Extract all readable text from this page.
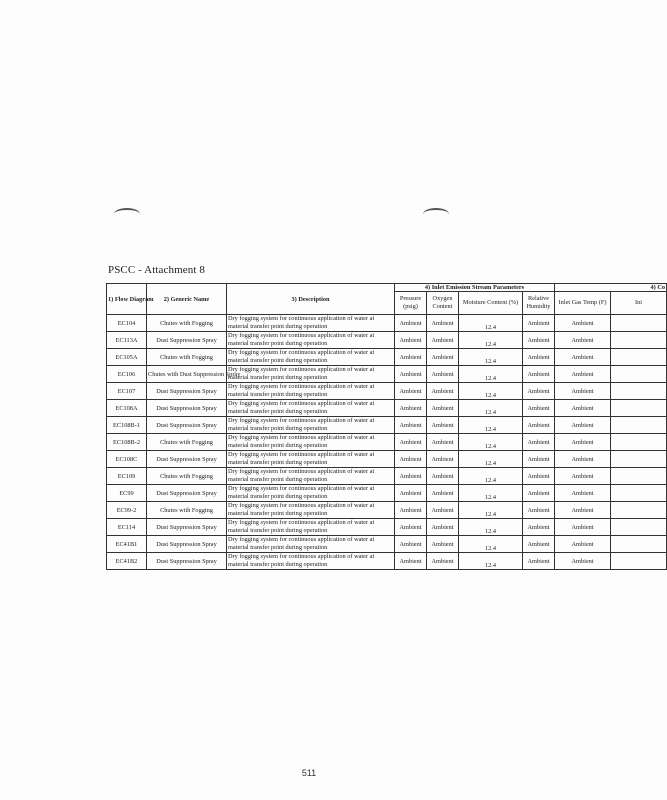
PSCC - Attachment 8
1) Flow Diagram	2) Generic Name	3) Description	4) Inlet Emission Stream Parameters				4) Co	
			Pressure (psig)	Oxygen Content	Moisture Content (%)	Relative Humidity	Inlet Gas Temp (F)	Ini
EC104	Chutes with Fogging	Dry fogging system for continuous application of water at material transfer point during operation	Ambient	Ambient	12.4	Ambient	Ambient	
EC113A	Dust Suppression Spray	Dry fogging system for continuous application of water at material transfer point during operation	Ambient	Ambient	12.4	Ambient	Ambient	
EC105A	Chutes with Fogging	Dry fogging system for continuous application of water at material transfer point during operation	Ambient	Ambient	12.4	Ambient	Ambient	
EC106	Chutes with Dust Suppression Spray	Dry fogging system for continuous application of water at material transfer point during operation	Ambient	Ambient	12.4	Ambient	Ambient	
EC107	Dust Suppression Spray	Dry fogging system for continuous application of water at material transfer point during operation	Ambient	Ambient	12.4	Ambient	Ambient	
EC108A	Dust Suppression Spray	Dry fogging system for continuous application of water at material transfer point during operation	Ambient	Ambient	12.4	Ambient	Ambient	
EC108B-1	Dust Suppression Spray	Dry fogging system for continuous application of water at material transfer point during operation	Ambient	Ambient	12.4	Ambient	Ambient	
EC108B-2	Chutes with Fogging	Dry fogging system for continuous application of water at material transfer point during operation	Ambient	Ambient	12.4	Ambient	Ambient	
EC108C	Dust Suppression Spray	Dry fogging system for continuous application of water at material transfer point during operation	Ambient	Ambient	12.4	Ambient	Ambient	
EC109	Chutes with Fogging	Dry fogging system for continuous application of water at material transfer point during operation	Ambient	Ambient	12.4	Ambient	Ambient	
EC99	Dust Suppression Spray	Dry fogging system for continuous application of water at material transfer point during operation	Ambient	Ambient	12.4	Ambient	Ambient	
EC99-2	Chutes with Fogging	Dry fogging system for continuous application of water at material transfer point during operation	Ambient	Ambient	12.4	Ambient	Ambient	
EC114	Dust Suppression Spray	Dry fogging system for continuous application of water at material transfer point during operation	Ambient	Ambient	12.4	Ambient	Ambient	
EC41B1	Dust Suppression Spray	Dry fogging system for continuous application of water at material transfer point during operation	Ambient	Ambient	12.4	Ambient	Ambient	
EC41B2	Dust Suppression Spray	Dry fogging system for continuous application of water at material transfer point during operation	Ambient	Ambient	12.4	Ambient	Ambient	
511
